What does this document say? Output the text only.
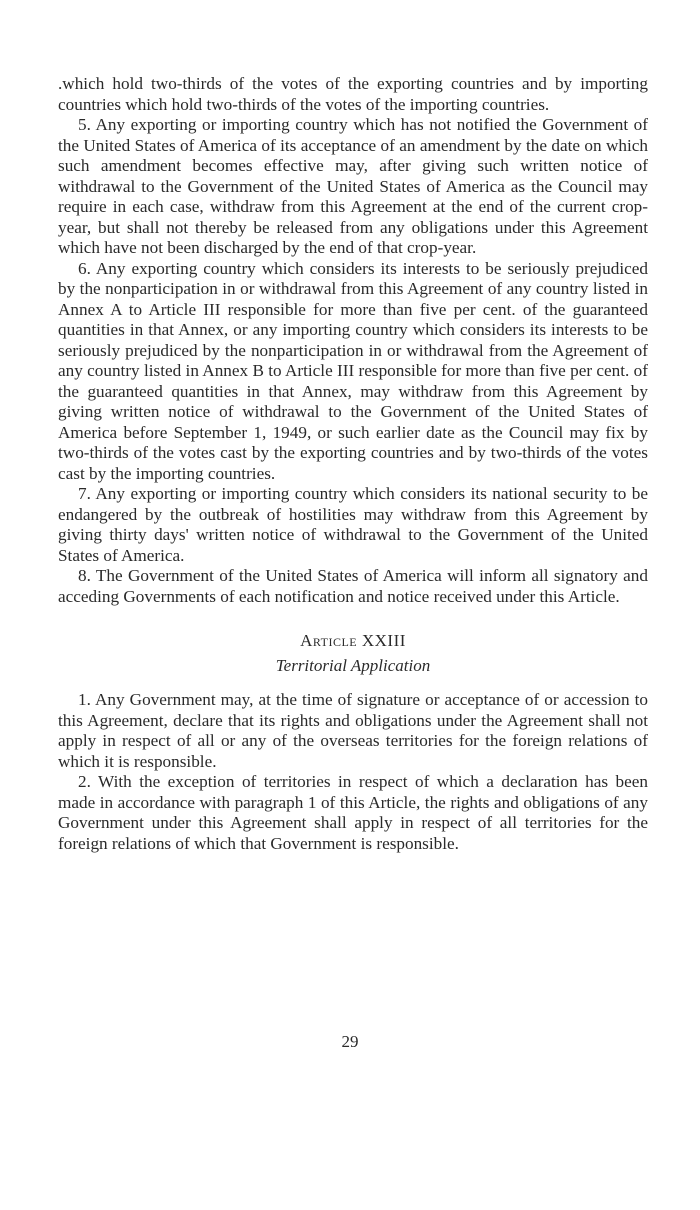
.which hold two-thirds of the votes of the exporting countries and by importing countries which hold two-thirds of the votes of the importing countries.

5. Any exporting or importing country which has not notified the Government of the United States of America of its acceptance of an amendment by the date on which such amendment becomes effective may, after giving such written notice of withdrawal to the Government of the United States of America as the Council may require in each case, withdraw from this Agreement at the end of the current crop-year, but shall not thereby be released from any obligations under this Agreement which have not been discharged by the end of that crop-year.

6. Any exporting country which considers its interests to be seriously prejudiced by the nonparticipation in or withdrawal from this Agreement of any country listed in Annex A to Article III responsible for more than five per cent. of the guaranteed quantities in that Annex, or any importing country which considers its interests to be seriously prejudiced by the nonparticipation in or withdrawal from the Agreement of any country listed in Annex B to Article III responsible for more than five per cent. of the guaranteed quantities in that Annex, may withdraw from this Agreement by giving written notice of withdrawal to the Government of the United States of America before September 1, 1949, or such earlier date as the Council may fix by two-thirds of the votes cast by the exporting countries and by two-thirds of the votes cast by the importing countries.

7. Any exporting or importing country which considers its national security to be endangered by the outbreak of hostilities may withdraw from this Agreement by giving thirty days' written notice of withdrawal to the Government of the United States of America.

8. The Government of the United States of America will inform all signatory and acceding Governments of each notification and notice received under this Article.

Article XXIII
Territorial Application

1. Any Government may, at the time of signature or acceptance of or accession to this Agreement, declare that its rights and obligations under the Agreement shall not apply in respect of all or any of the overseas territories for the foreign relations of which it is responsible.

2. With the exception of territories in respect of which a declaration has been made in accordance with paragraph 1 of this Article, the rights and obligations of any Government under this Agreement shall apply in respect of all territories for the foreign relations of which that Government is responsible.

29
